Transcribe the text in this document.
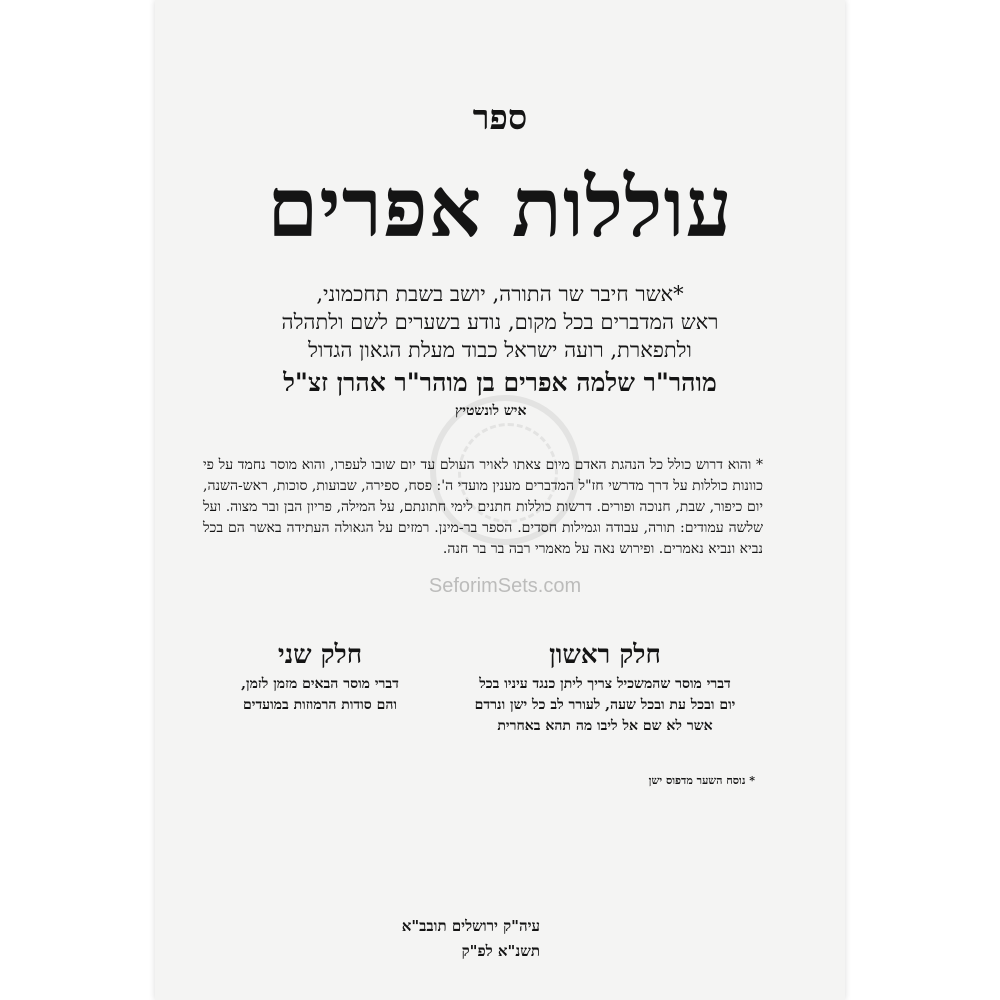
SeforimSets.com
ספר
עוללות אפרים
*אשר חיבר שר התורה, יושב בשבת תחכמוני,
ראש המדברים בכל מקום, נודע בשערים לשם ולתהלה
ולתפארת, רועה ישראל כבוד מעלת הגאון הגדול
מוהר"ר שלמה אפרים בן מוהר"ר אהרן זצ"ל
איש לונשטיץ
* והוא דרוש כולל כל הנהגת האדם מיום צאתו לאויר העולם עד יום שובו לעפרו, והוא מוסר נחמד על פי כוונות כוללות על דרך מדרשי חז"ל המדברים מענין מועדי ה': פסח, ספירה, שבועות, סוכות, ראש-השנה, יום כיפור, שבת, חנוכה ופורים. דרשות כוללות חתנים לימי חתונתם, על המילה, פריון הבן ובר מצוה. ועל שלשה עמודים: תורה, עבודה וגמילות חסדים. הספר בר-מינן. רמזים על הגאולה העתידה באשר הם בכל נביא ונביא נאמרים. ופירוש נאה על מאמרי רבה בר בר חנה.
חלק ראשון
דברי מוסר שהמשכיל צריך ליתן כנגד עיניו בכל
יום ובכל עת ובכל שעה, לעורר לב כל ישן ונרדם
אשר לא שם אל ליבו מה תהא באחרית
חלק שני
דברי מוסר הבאים מזמן לזמן,
והם סודות הרמוזות במועדים
* נוסח השער מדפוס ישן
עיה"ק ירושלים תובב"א
תשנ"א לפ"ק
